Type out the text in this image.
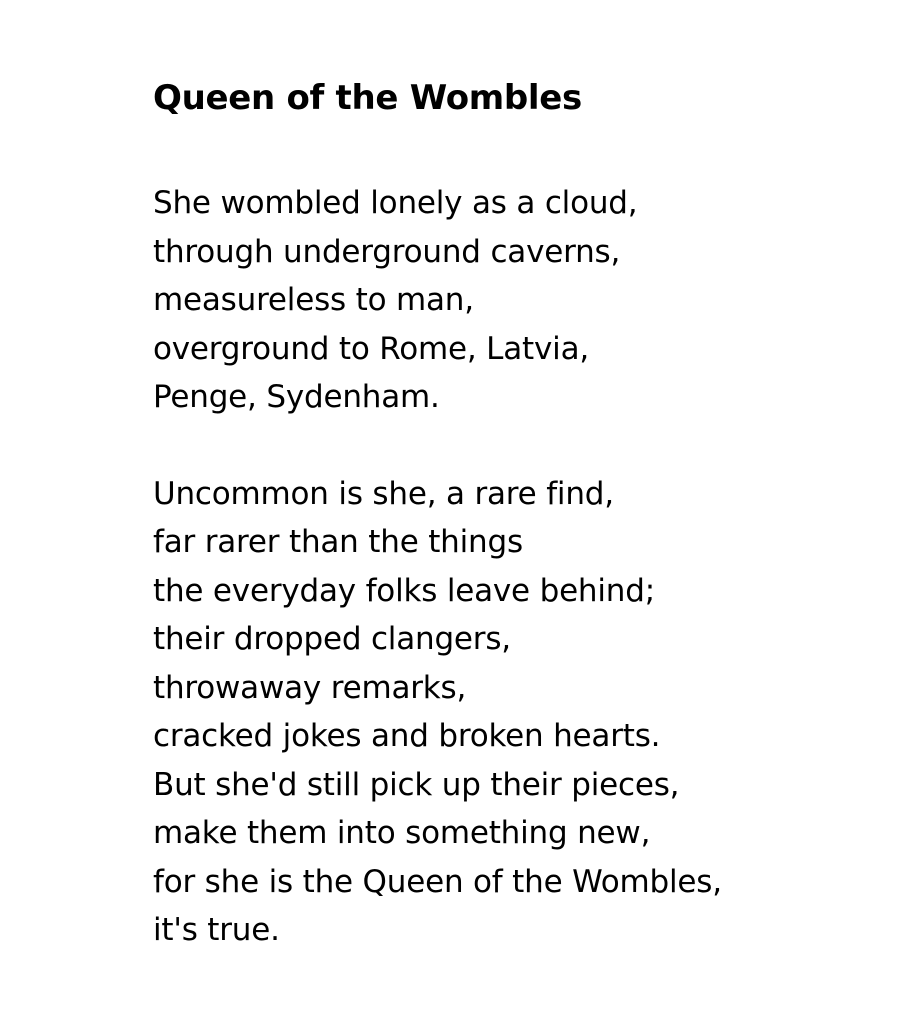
Queen of the Wombles
She wombled lonely as a cloud,
through underground caverns,
measureless to man,
overground to Rome, Latvia,
Penge, Sydenham.
Uncommon is she, a rare find,
far rarer than the things
the everyday folks leave behind;
their dropped clangers,
throwaway remarks,
cracked jokes and broken hearts.
But she'd still pick up their pieces,
make them into something new,
for she is the Queen of the Wombles,
it's true.
